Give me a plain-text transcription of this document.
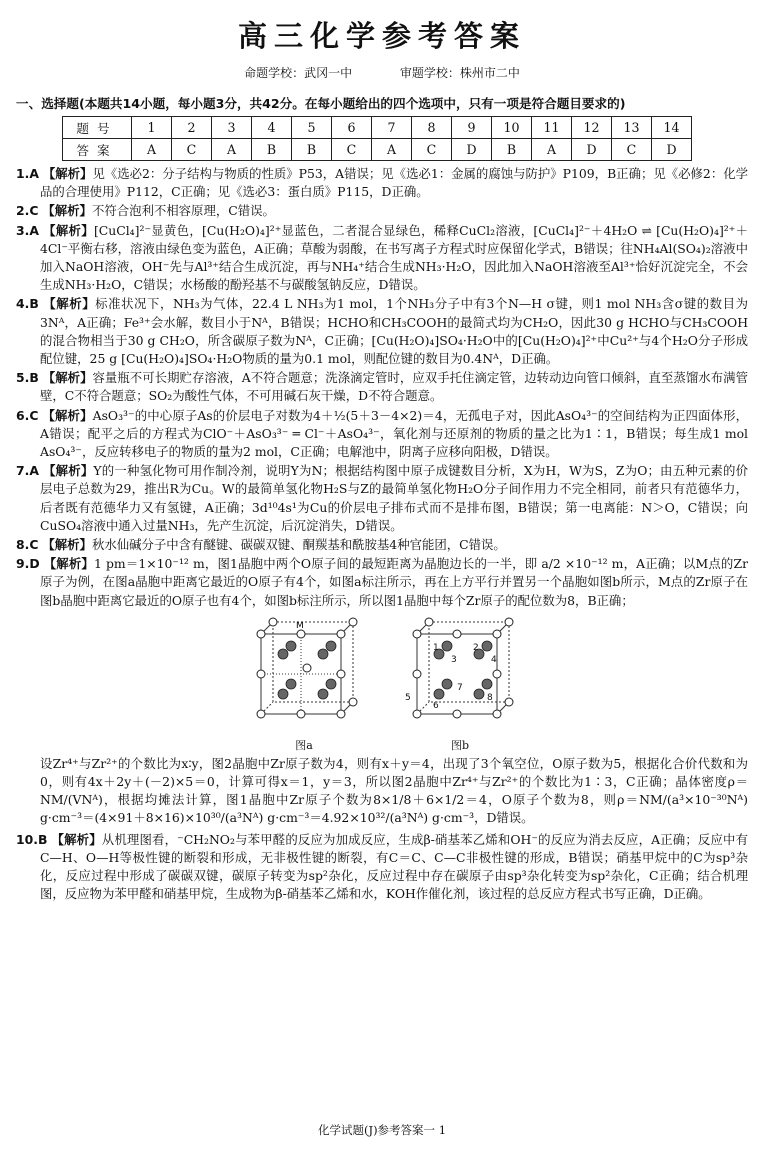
高三化学参考答案
命题学校：武冈一中	审题学校：株州市二中
一、选择题(本题共14小题，每小题3分，共42分。在每小题给出的四个选项中，只有一项是符合题目要求的)
题号	1	2	3	4	5	6	7	8	9	10	11	12	13	14
答案	A	C	A	B	B	C	A	C	D	B	A	D	C	D
1.A 【解析】见《选必2：分子结构与物质的性质》P53，A错误；见《选必1：金属的腐蚀与防护》P109，B正确；见《必修2：化学品的合理使用》P112，C正确；见《选必3：蛋白质》P115，D正确。
2.C 【解析】不符合泡利不相容原理，C错误。
3.A 【解析】[CuCl₄]²⁻显黄色，[Cu(H₂O)₄]²⁺显蓝色，二者混合显绿色，稀释CuCl₂溶液，[CuCl₄]²⁻＋4H₂O ⇌ [Cu(H₂O)₄]²⁺＋4Cl⁻平衡右移，溶液由绿色变为蓝色，A正确；草酸为弱酸，在书写离子方程式时应保留化学式，B错误；往NH₄Al(SO₄)₂溶液中加入NaOH溶液，OH⁻先与Al³⁺结合生成沉淀，再与NH₄⁺结合生成NH₃·H₂O，因此加入NaOH溶液至Al³⁺恰好沉淀完全，不会生成NH₃·H₂O，C错误；水杨酸的酚羟基不与碳酸氢钠反应，D错误。
4.B 【解析】标准状况下，NH₃为气体，22.4 L NH₃为1 mol，1个NH₃分子中有3个N—H σ键，则1 mol NH₃含σ键的数目为3Nᴬ，A正确；Fe³⁺会水解，数目小于Nᴬ，B错误；HCHO和CH₃COOH的最简式均为CH₂O，因此30 g HCHO与CH₃COOH的混合物相当于30 g CH₂O，所含碳原子数为Nᴬ，C正确；[Cu(H₂O)₄]SO₄·H₂O中的[Cu(H₂O)₄]²⁺中Cu²⁺与4个H₂O分子形成配位键，25 g [Cu(H₂O)₄]SO₄·H₂O物质的量为0.1 mol，则配位键的数目为0.4Nᴬ，D正确。
5.B 【解析】容量瓶不可长期贮存溶液，A不符合题意；洗涤滴定管时，应双手托住滴定管，边转动边向管口倾斜，直至蒸馏水布满管壁，C不符合题意；SO₂为酸性气体，不可用碱石灰干燥，D不符合题意。
6.C 【解析】AsO₃³⁻的中心原子As的价层电子对数为4＋½(5＋3－4×2)＝4，无孤电子对，因此AsO₄³⁻的空间结构为正四面体形，A错误；配平之后的方程式为ClO⁻＋AsO₃³⁻ ═ Cl⁻＋AsO₄³⁻，氧化剂与还原剂的物质的量之比为1∶1，B错误；每生成1 mol AsO₄³⁻，反应转移电子的物质的量为2 mol，C正确；电解池中，阴离子应移向阳极，D错误。
7.A 【解析】Y的一种氢化物可用作制冷剂，说明Y为N；根据结构图中原子成键数目分析，X为H，W为S，Z为O；由五种元素的价层电子总数为29，推出R为Cu。W的最简单氢化物H₂S与Z的最简单氢化物H₂O分子间作用力不完全相同，前者只有范德华力，后者既有范德华力又有氢键，A正确；3d¹⁰4s¹为Cu的价层电子排布式而不是排布图，B错误；第一电离能：N＞O，C错误；向CuSO₄溶液中通入过量NH₃，先产生沉淀，后沉淀消失，D错误。
8.C 【解析】秋水仙碱分子中含有醚键、碳碳双键、酮羰基和酰胺基4种官能团，C错误。
9.D 【解析】1 pm＝1×10⁻¹² m，图1晶胞中两个O原子间的最短距离为晶胞边长的一半，即 a/2 ×10⁻¹² m，A正确；以M点的Zr原子为例，在图a晶胞中距离它最近的O原子有4个，如图a标注所示，再在上方平行并置另一个晶胞如图b所示，M点的Zr原子在图b晶胞中距离它最近的O原子也有4个，如图b标注所示，所以图1晶胞中每个Zr原子的配位数为8，B正确；
M
图a
1	2
3	4
5
6
7
8
图b
设Zr⁴⁺与Zr²⁺的个数比为x∶y，图2晶胞中Zr原子数为4，则有x＋y＝4，出现了3个氧空位，O原子数为5，根据化合价代数和为0，则有4x＋2y＋(－2)×5＝0，计算可得x＝1，y＝3，所以图2晶胞中Zr⁴⁺与Zr²⁺的个数比为1∶3，C正确；晶体密度ρ＝NM/(VNᴬ)，根据均摊法计算，图1晶胞中Zr原子个数为8×1/8＋6×1/2＝4，O原子个数为8，则ρ＝NM/(a³×10⁻³⁰Nᴬ) g·cm⁻³＝(4×91＋8×16)×10³⁰/(a³Nᴬ) g·cm⁻³＝4.92×10³²/(a³Nᴬ) g·cm⁻³，D错误。
10.B 【解析】从机理图看，⁻CH₂NO₂与苯甲醛的反应为加成反应，生成β-硝基苯乙烯和OH⁻的反应为消去反应，A正确；反应中有C—H、O—H等极性键的断裂和形成，无非极性键的断裂，有C＝C、C—C非极性键的形成，B错误；硝基甲烷中的C为sp³杂化，反应过程中形成了碳碳双键，碳原子转变为sp²杂化，反应过程中存在碳原子由sp³杂化转变为sp²杂化，C正确；结合机理图，反应物为苯甲醛和硝基甲烷，生成物为β-硝基苯乙烯和水，KOH作催化剂，该过程的总反应方程式书写正确，D正确。
化学试题(J)参考答案一 1
